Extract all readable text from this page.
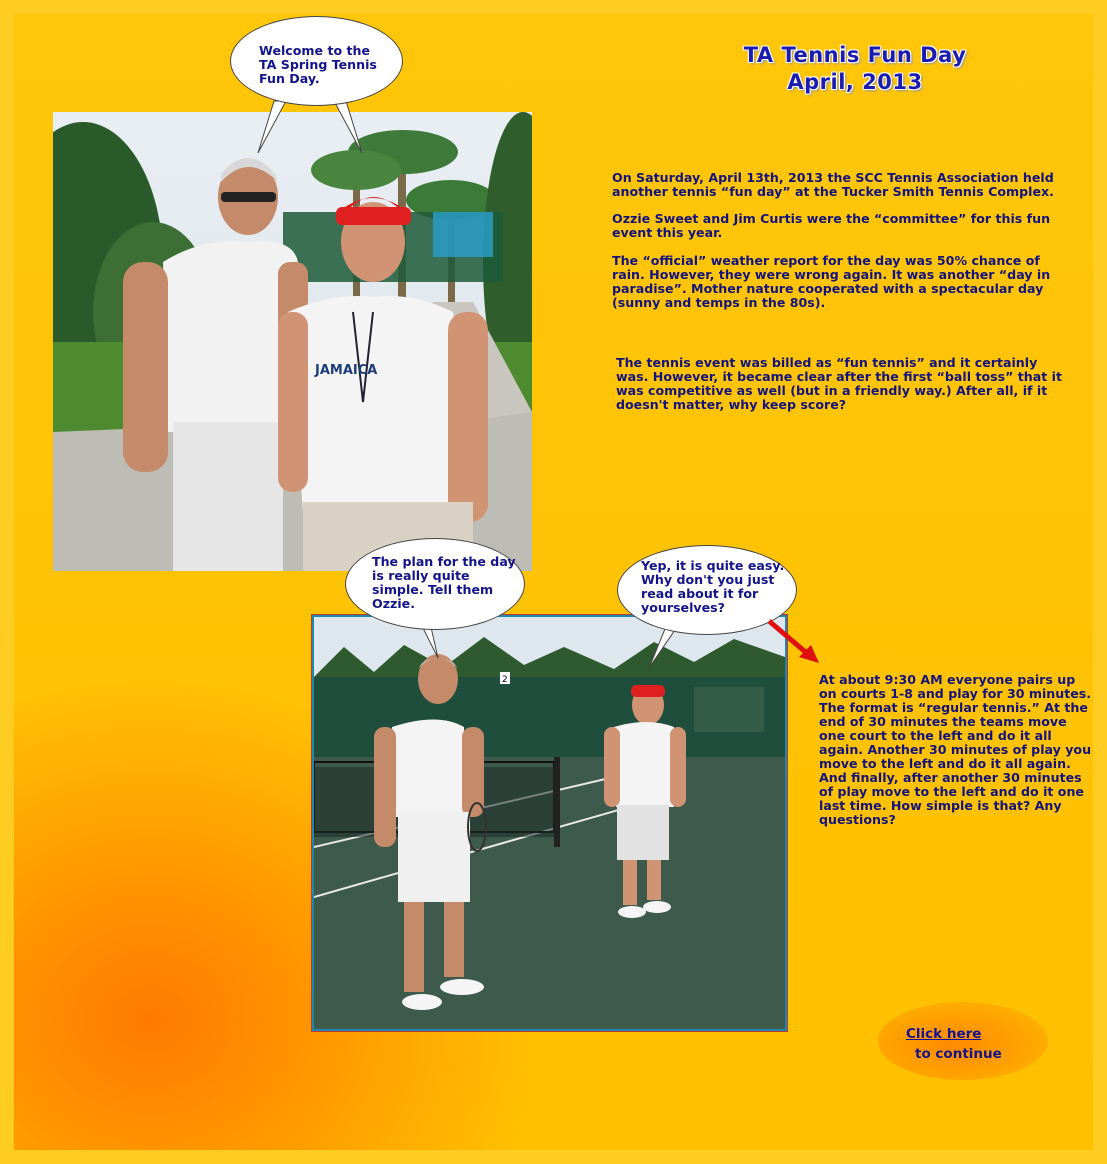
TA Tennis Fun Day
April, 2013
JAMAICA
Welcome to the
TA Spring Tennis
Fun Day.
On Saturday, April 13th, 2013 the SCC Tennis Association held another tennis “fun day” at the Tucker Smith Tennis Complex.
Ozzie Sweet and Jim Curtis were the “committee” for this fun event this year.
The “official” weather report for the day was 50% chance of rain. However, they were wrong again. It was another “day in paradise”. Mother nature cooperated with a spectacular day (sunny and temps in the 80s).
The tennis event was billed as “fun tennis” and it certainly was. However, it became clear after the first “ball toss” that it was competitive as well (but in a friendly way.) After all, if it doesn't matter, why keep score?
2
The plan for the day
is really quite
simple. Tell them
Ozzie.
Yep, it is quite easy.
Why don't you just
read about it for
yourselves?
At about 9:30 AM everyone pairs up on courts 1-8 and play for 30 minutes. The format is “regular tennis.” At the end of 30 minutes the teams move one court to the left and do it all again. Another 30 minutes of play you move to the left and do it all again. And finally, after another 30 minutes of play move to the left and do it one last time. How simple is that? Any questions?
Click here
to continue
